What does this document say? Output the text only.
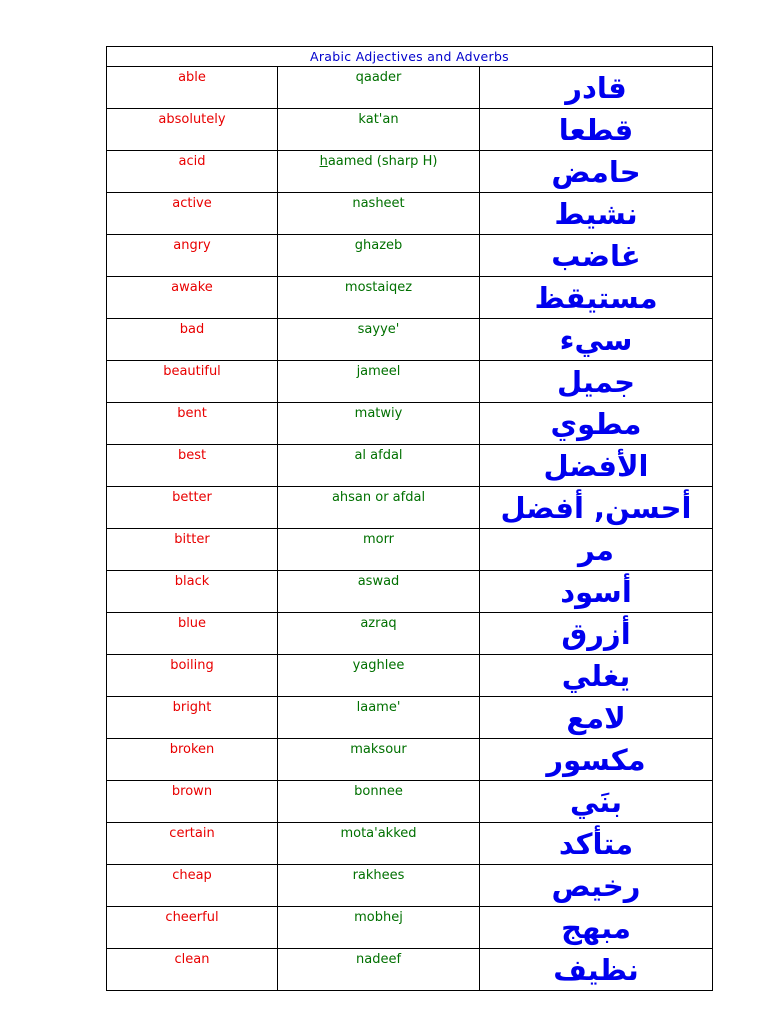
Arabic Adjectives and Adverbs		
able	qaader	قادر
absolutely	kat'an	قطعا
acid	haamed (sharp H)	حامض
active	nasheet	نشيط
angry	ghazeb	غاضب
awake	mostaiqez	مستيقظ
bad	sayye'	سيء
beautiful	jameel	جميل
bent	matwiy	مطوي
best	al afdal	الأفضل
better	ahsan or afdal	أحسن, أفضل
bitter	morr	مر
black	aswad	أسود
blue	azraq	أزرق
boiling	yaghlee	يغلي
bright	laame'	لامع
broken	maksour	مكسور
brown	bonnee	بنَي
certain	mota'akked	متأكد
cheap	rakhees	رخيص
cheerful	mobhej	مبهج
clean	nadeef	نظيف
